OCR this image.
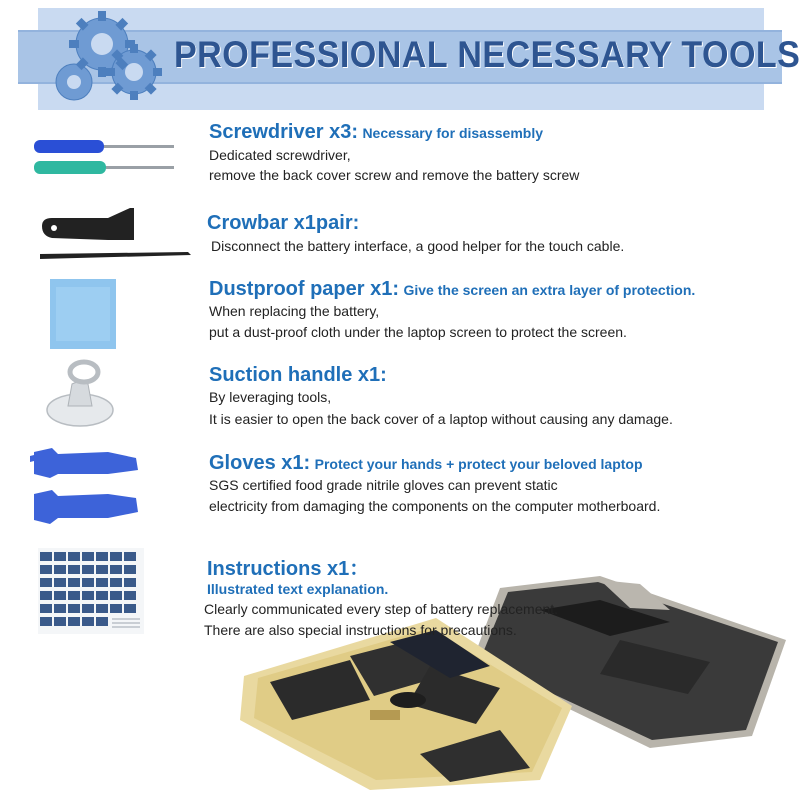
PROFESSIONAL NECESSARY TOOLS
Screwdriver x3: Necessary for disassembly
Dedicated screwdriver,
remove the back cover screw and remove the battery screw
Crowbar x1pair:
Disconnect the battery interface, a good helper for the touch cable.
Dustproof paper x1: Give the screen an extra layer of protection.
When replacing the battery,
put a dust-proof cloth under the laptop screen to protect the screen.
Suction handle x1:
By leveraging tools,
It is easier to open the back cover of a laptop without causing any damage.
Gloves x1: Protect your hands + protect your beloved laptop
SGS certified food grade nitrile gloves can prevent static
electricity from damaging the components on the computer motherboard.
Instructions x1：
Illustrated text explanation.
Clearly communicated every step of battery replacement.
There are also special instructions for precautions.
